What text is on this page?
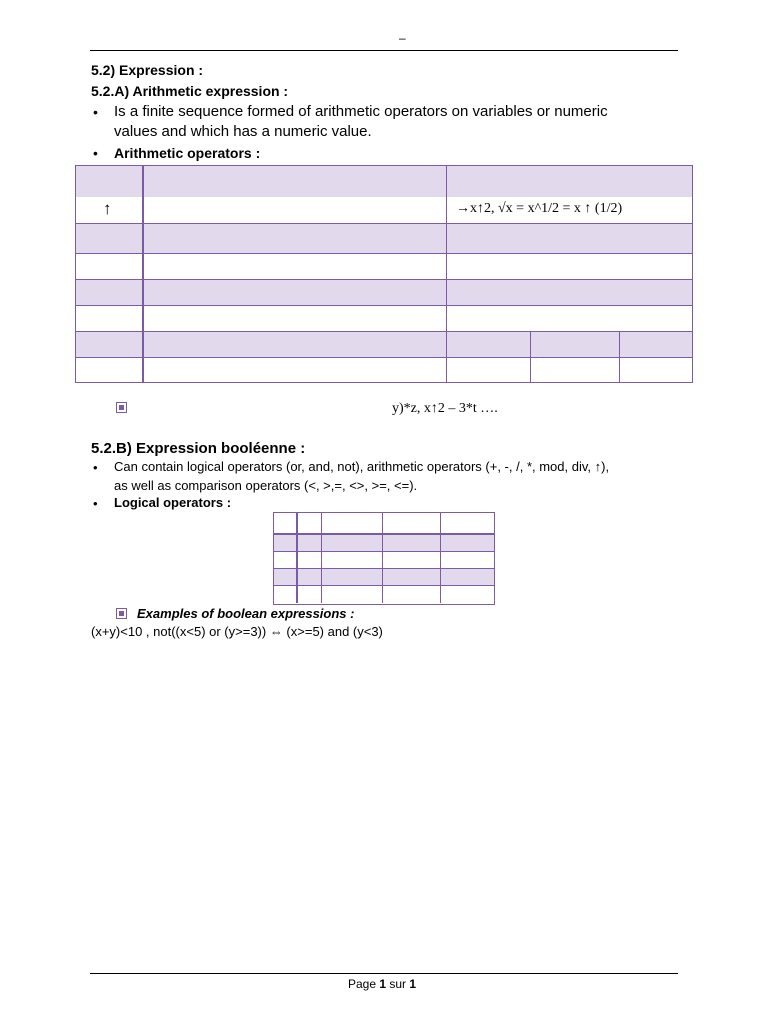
–
5.2) Expression :
5.2.A) Arithmetic expression :
• Is a finite sequence formed of arithmetic operators on variables or numeric
values and which has a numeric value.
• Arithmetic operators :
↑	→x↑2, √x = x^1/2 = x ↑ (1/2)
y)*z, x↑2 – 3*t ….
5.2.B) Expression booléenne :
• Can contain logical operators (or, and, not), arithmetic operators (+, -, /, *, mod, div, ↑),
as well as comparison operators (<, >,=, <>, >=, <=).
• Logical operators :
Examples of boolean expressions :
(x+y)<10 , not((x<5) or (y>=3)) ⇔ (x>=5) and (y<3)
Page 1 sur 1
